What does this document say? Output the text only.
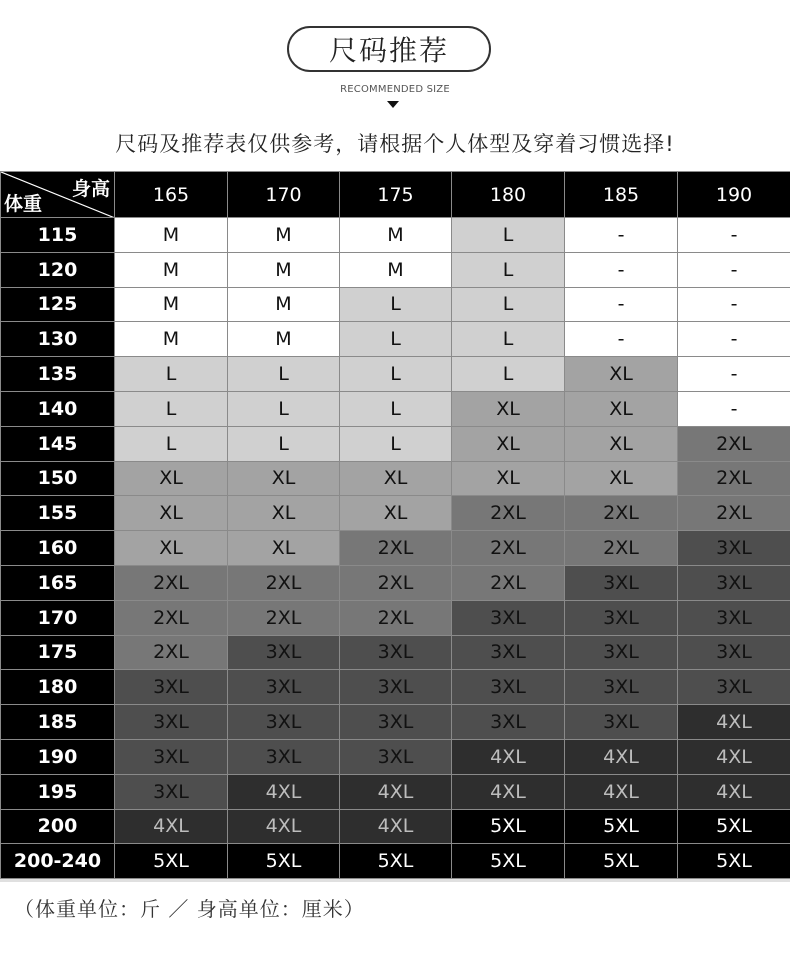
尺码推荐
RECOMMENDED SIZE
尺码及推荐表仅供参考，请根据个人体型及穿着习惯选择!
身高
体重	165	170	175	180	185	190
115	M	M	M	L	-	-
120	M	M	M	L	-	-
125	M	M	L	L	-	-
130	M	M	L	L	-	-
135	L	L	L	L	XL	-
140	L	L	L	XL	XL	-
145	L	L	L	XL	XL	2XL
150	XL	XL	XL	XL	XL	2XL
155	XL	XL	XL	2XL	2XL	2XL
160	XL	XL	2XL	2XL	2XL	3XL
165	2XL	2XL	2XL	2XL	3XL	3XL
170	2XL	2XL	2XL	3XL	3XL	3XL
175	2XL	3XL	3XL	3XL	3XL	3XL
180	3XL	3XL	3XL	3XL	3XL	3XL
185	3XL	3XL	3XL	3XL	3XL	4XL
190	3XL	3XL	3XL	4XL	4XL	4XL
195	3XL	4XL	4XL	4XL	4XL	4XL
200	4XL	4XL	4XL	5XL	5XL	5XL
200-240	5XL	5XL	5XL	5XL	5XL	5XL
（体重单位：斤 ／ 身高单位：厘米）
